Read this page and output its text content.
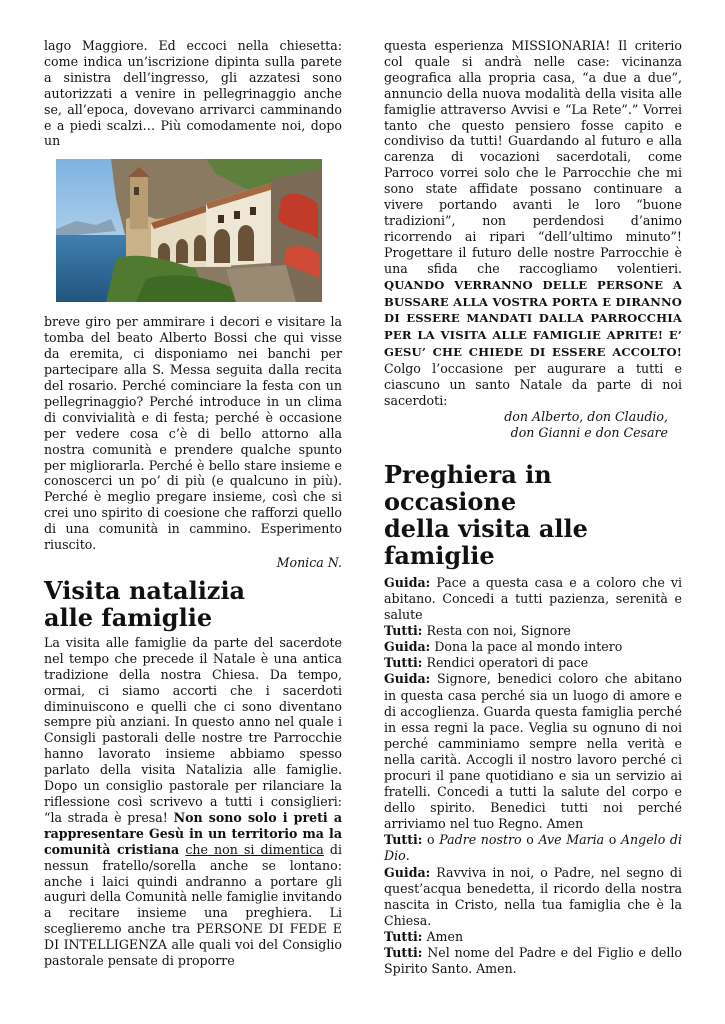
lago Maggiore. Ed eccoci nella chiesetta: come indica un’iscrizione dipinta sulla parete a sinistra dell’ingresso, gli azzatesi sono autorizzati a venire in pellegrinaggio anche se, all’epoca, dovevano arrivarci camminando e a piedi scalzi… Più comodamente noi, dopo un

breve giro per ammirare i decori e visitare la tomba del beato Alberto Bossi che qui visse da eremita, ci disponiamo nei banchi per partecipare alla S. Messa seguita dalla recita del rosario. Perché cominciare la festa con un pellegrinaggio? Perché introduce in un clima di convivialità e di festa; perché è occasione per vedere cosa c’è di bello attorno alla nostra comunità e prendere qualche spunto per migliorarla. Perché è bello stare insieme e conoscerci un po’ di più (e qualcuno in più). Perché è meglio pregare insieme, così che si crei uno spirito di coesione che rafforzi quello di una comunità in cammino. Esperimento riuscito.

Monica N.

Visita natalizia
alle famiglie

La visita alle famiglie da parte del sacerdote nel tempo che precede il Natale è una antica tradizione della nostra Chiesa. Da tempo, ormai, ci siamo accorti che i sacerdoti diminuiscono e quelli che ci sono diventano sempre più anziani. In questo anno nel quale i Consigli pastorali delle nostre tre Parrocchie hanno lavorato insieme abbiamo spesso parlato della visita Natalizia alle famiglie. Dopo un consiglio pastorale per rilanciare la riflessione così scrivevo a tutti i consiglieri: “la strada è presa! Non sono solo i preti a rappresentare Gesù in un territorio ma la comunità cristiana che non si dimentica di nessun fratello/sorella anche se lontano: anche i laici quindi andranno a portare gli auguri della Comunità nelle famiglie invitando a recitare insieme una preghiera. Li sceglieremo anche tra PERSONE DI FEDE E DI INTELLIGENZA alle quali voi del Consiglio pastorale pensate di proporre

questa esperienza MISSIONARIA! Il criterio col quale si andrà nelle case: vicinanza geografica alla propria casa, “a due a due”, annuncio della nuova modalità della visita alle famiglie attraverso Avvisi e “La Rete”.” Vorrei tanto che questo pensiero fosse capito e condiviso da tutti! Guardando al futuro e alla carenza di vocazioni sacerdotali, come Parroco vorrei solo che le Parrocchie che mi sono state affidate possano continuare a vivere portando avanti le loro “buone tradizioni”, non perdendosi d’animo ricorrendo ai ripari “dell’ultimo minuto”! Progettare il futuro delle nostre Parrocchie è una sfida che raccogliamo volentieri. QUANDO VERRANNO DELLE PERSONE A BUSSARE ALLA VOSTRA PORTA E DIRANNO DI ESSERE MANDATI DALLA PARROCCHIA PER LA VISITA ALLE FAMIGLIE APRITE! E’ GESU’ CHE CHIEDE DI ESSERE ACCOLTO! Colgo l’occasione per augurare a tutti e ciascuno un santo Natale da parte di noi sacerdoti:

don Alberto, don Claudio,

don Gianni e don Cesare

Preghiera in occasione
della visita alle famiglie

Guida: Pace a questa casa e a coloro che vi abitano. Concedi a tutti pazienza, serenità e salute

Tutti: Resta con noi, Signore

Guida: Dona la pace al mondo intero

Tutti: Rendici operatori di pace

Guida: Signore, benedici coloro che abitano in questa casa perché sia un luogo di amore e di accoglienza. Guarda questa famiglia perché in essa regni la pace. Veglia su ognuno di noi perché camminiamo sempre nella verità e nella carità. Accogli il nostro lavoro perché ci procuri il pane quotidiano e sia un servizio ai fratelli. Concedi a tutti la salute del corpo e dello spirito. Benedici tutti noi perché arriviamo nel tuo Regno. Amen

Tutti: o Padre nostro o Ave Maria o Angelo di Dio.

Guida: Ravviva in noi, o Padre, nel segno di quest’acqua benedetta, il ricordo della nostra nascita in Cristo, nella tua famiglia che è la Chiesa.

Tutti: Amen

Tutti: Nel nome del Padre e del Figlio e dello Spirito Santo. Amen.
